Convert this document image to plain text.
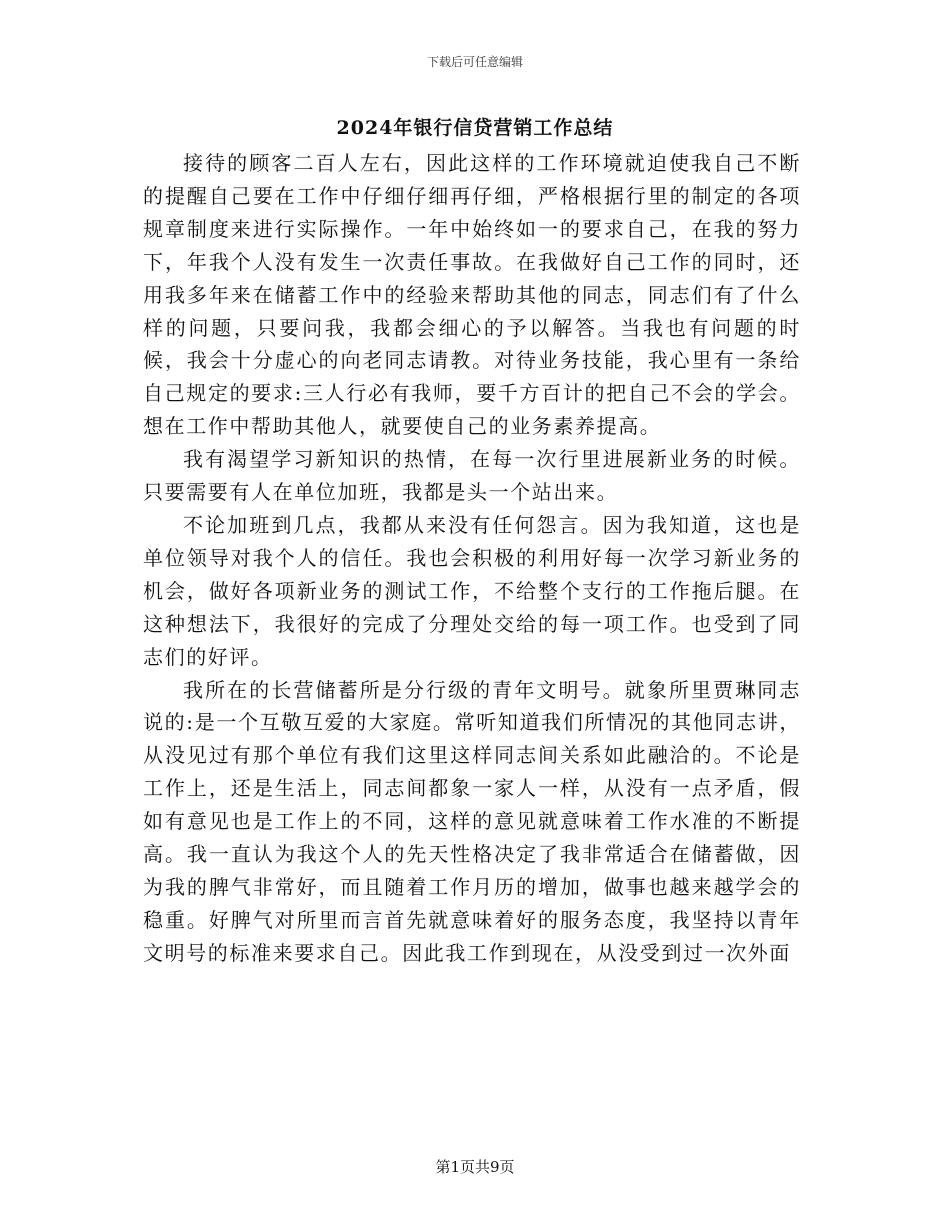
下载后可任意编辑
2024年银行信贷营销工作总结

接待的顾客二百人左右，因此这样的工作环境就迫使我自己不断的提醒自己要在工作中仔细仔细再仔细，严格根据行里的制定的各项规章制度来进行实际操作。一年中始终如一的要求自己，在我的努力下，年我个人没有发生一次责任事故。在我做好自己工作的同时，还用我多年来在储蓄工作中的经验来帮助其他的同志，同志们有了什么样的问题，只要问我，我都会细心的予以解答。当我也有问题的时候，我会十分虚心的向老同志请教。对待业务技能，我心里有一条给自己规定的要求:三人行必有我师，要千方百计的把自己不会的学会。想在工作中帮助其他人，就要使自己的业务素养提高。

我有渴望学习新知识的热情，在每一次行里进展新业务的时候。只要需要有人在单位加班，我都是头一个站出来。

不论加班到几点，我都从来没有任何怨言。因为我知道，这也是单位领导对我个人的信任。我也会积极的利用好每一次学习新业务的机会，做好各项新业务的测试工作，不给整个支行的工作拖后腿。在这种想法下，我很好的完成了分理处交给的每一项工作。也受到了同志们的好评。

我所在的长营储蓄所是分行级的青年文明号。就象所里贾琳同志说的:是一个互敬互爱的大家庭。常听知道我们所情况的其他同志讲，从没见过有那个单位有我们这里这样同志间关系如此融洽的。不论是工作上，还是生活上，同志间都象一家人一样，从没有一点矛盾，假如有意见也是工作上的不同，这样的意见就意味着工作水准的不断提高。我一直认为我这个人的先天性格决定了我非常适合在储蓄做，因为我的脾气非常好，而且随着工作月历的增加，做事也越来越学会的稳重。好脾气对所里而言首先就意味着好的服务态度，我坚持以青年文明号的标准来要求自己。因此我工作到现在，从没受到过一次外面

第1页共9页
